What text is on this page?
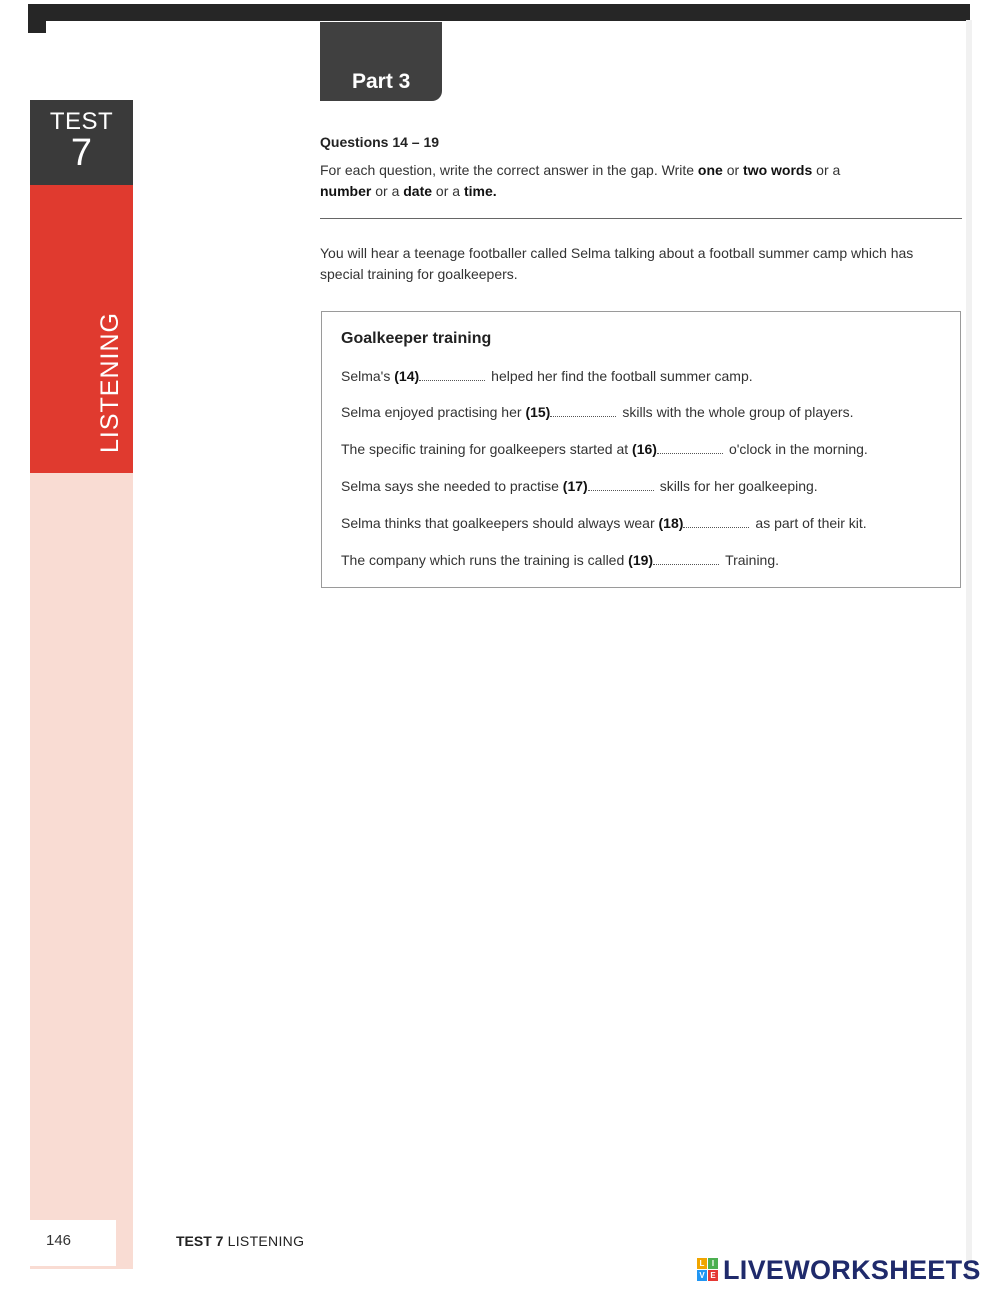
TEST
7
LISTENING
146	TEST 7 LISTENING
Part 3
Questions 14 – 19
For each question, write the correct answer in the gap. Write one or two words or a
number or a date or a time.
You will hear a teenage footballer called Selma talking about a football summer camp which has special training for goalkeepers.
Goalkeeper training
Selma's (14)	helped her find the football summer camp.
Selma enjoyed practising her (15)	skills with the whole group of players.
The specific training for goalkeepers started at (16)	o'clock in the morning.
Selma says she needed to practise (17)	skills for her goalkeeping.
Selma thinks that goalkeepers should always wear (18)	as part of their kit.
The company which runs the training is called (19)	Training.
L I
V E LIVEWORKSHEETS
